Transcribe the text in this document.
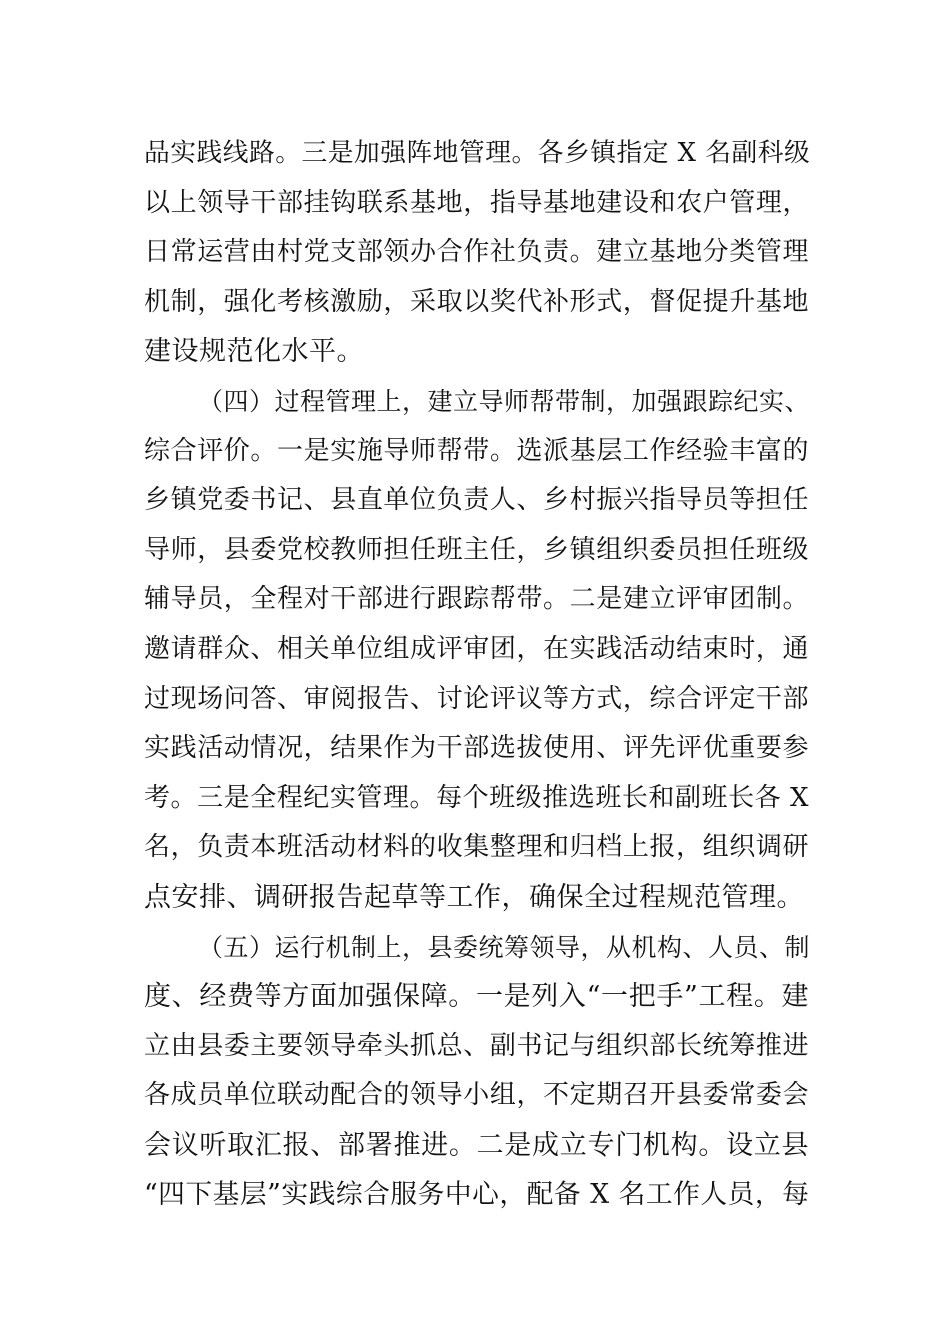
品实践线路。三是加强阵地管理。各乡镇指定 X 名副科级
以上领导干部挂钩联系基地，指导基地建设和农户管理，
日常运营由村党支部领办合作社负责。建立基地分类管理
机制，强化考核激励，采取以奖代补形式，督促提升基地
建设规范化水平。
（四）过程管理上，建立导师帮带制，加强跟踪纪实、
综合评价。一是实施导师帮带。选派基层工作经验丰富的
乡镇党委书记、县直单位负责人、乡村振兴指导员等担任
导师，县委党校教师担任班主任，乡镇组织委员担任班级
辅导员，全程对干部进行跟踪帮带。二是建立评审团制。
邀请群众、相关单位组成评审团，在实践活动结束时，通
过现场问答、审阅报告、讨论评议等方式，综合评定干部
实践活动情况，结果作为干部选拔使用、评先评优重要参
考。三是全程纪实管理。每个班级推选班长和副班长各 X
名，负责本班活动材料的收集整理和归档上报，组织调研
点安排、调研报告起草等工作，确保全过程规范管理。
（五）运行机制上，县委统筹领导，从机构、人员、制
度、经费等方面加强保障。一是列入“一把手”工程。建
立由县委主要领导牵头抓总、副书记与组织部长统筹推进
各成员单位联动配合的领导小组，不定期召开县委常委会
会议听取汇报、部署推进。二是成立专门机构。设立县
“四下基层”实践综合服务中心，配备 X 名工作人员，每
